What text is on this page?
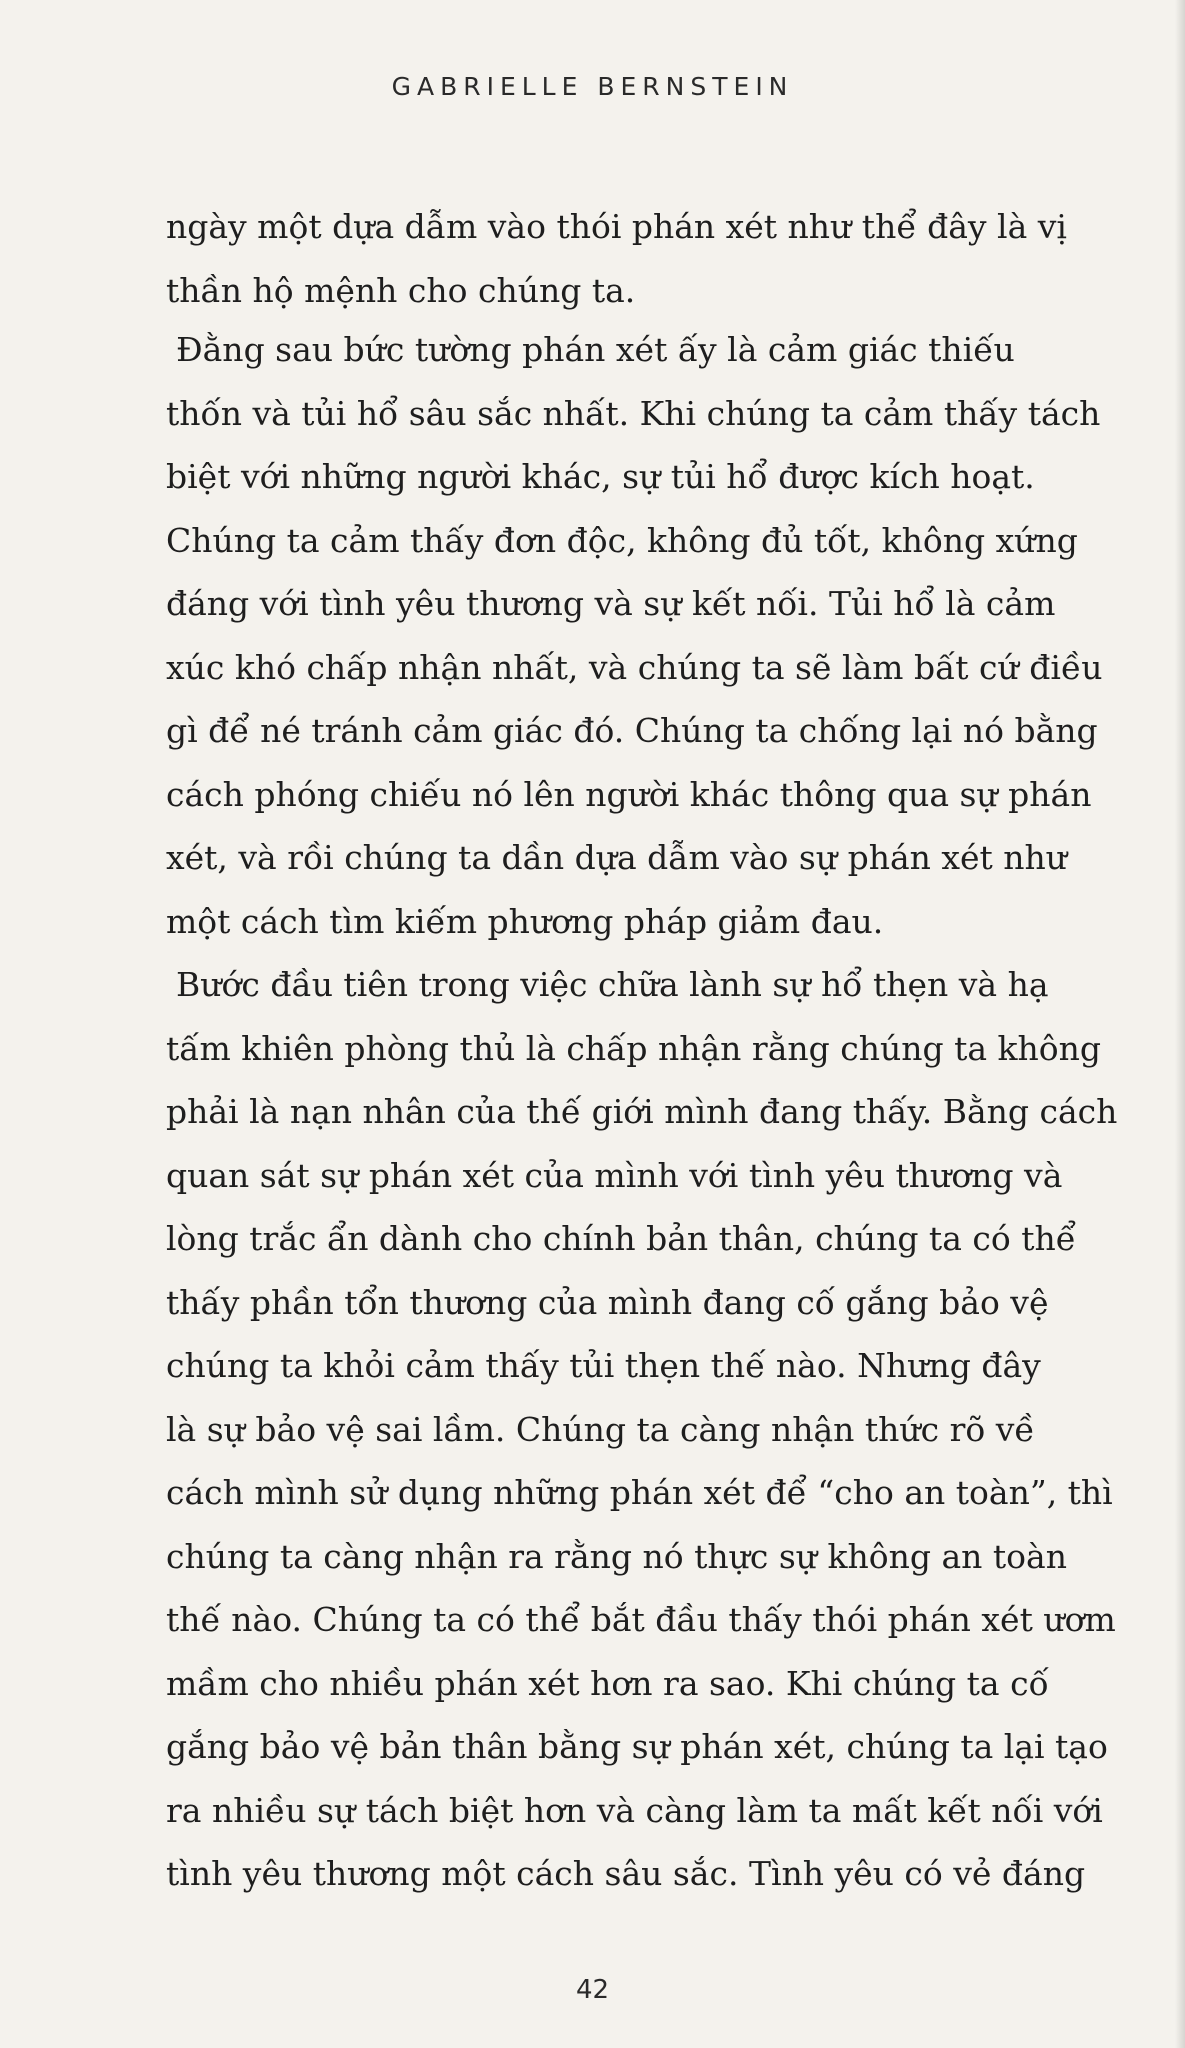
GABRIELLE BERNSTEIN
ngày một dựa dẫm vào thói phán xét như thể đây là vị
thần hộ mệnh cho chúng ta.
Đằng sau bức tường phán xét ấy là cảm giác thiếu
thốn và tủi hổ sâu sắc nhất. Khi chúng ta cảm thấy tách
biệt với những người khác, sự tủi hổ được kích hoạt.
Chúng ta cảm thấy đơn độc, không đủ tốt, không xứng
đáng với tình yêu thương và sự kết nối. Tủi hổ là cảm
xúc khó chấp nhận nhất, và chúng ta sẽ làm bất cứ điều
gì để né tránh cảm giác đó. Chúng ta chống lại nó bằng
cách phóng chiếu nó lên người khác thông qua sự phán
xét, và rồi chúng ta dần dựa dẫm vào sự phán xét như
một cách tìm kiếm phương pháp giảm đau.
Bước đầu tiên trong việc chữa lành sự hổ thẹn và hạ
tấm khiên phòng thủ là chấp nhận rằng chúng ta không
phải là nạn nhân của thế giới mình đang thấy. Bằng cách
quan sát sự phán xét của mình với tình yêu thương và
lòng trắc ẩn dành cho chính bản thân, chúng ta có thể
thấy phần tổn thương của mình đang cố gắng bảo vệ
chúng ta khỏi cảm thấy tủi thẹn thế nào. Nhưng đây
là sự bảo vệ sai lầm. Chúng ta càng nhận thức rõ về
cách mình sử dụng những phán xét để “cho an toàn”, thì
chúng ta càng nhận ra rằng nó thực sự không an toàn
thế nào. Chúng ta có thể bắt đầu thấy thói phán xét ươm
mầm cho nhiều phán xét hơn ra sao. Khi chúng ta cố
gắng bảo vệ bản thân bằng sự phán xét, chúng ta lại tạo
ra nhiều sự tách biệt hơn và càng làm ta mất kết nối với
tình yêu thương một cách sâu sắc. Tình yêu có vẻ đáng
42
